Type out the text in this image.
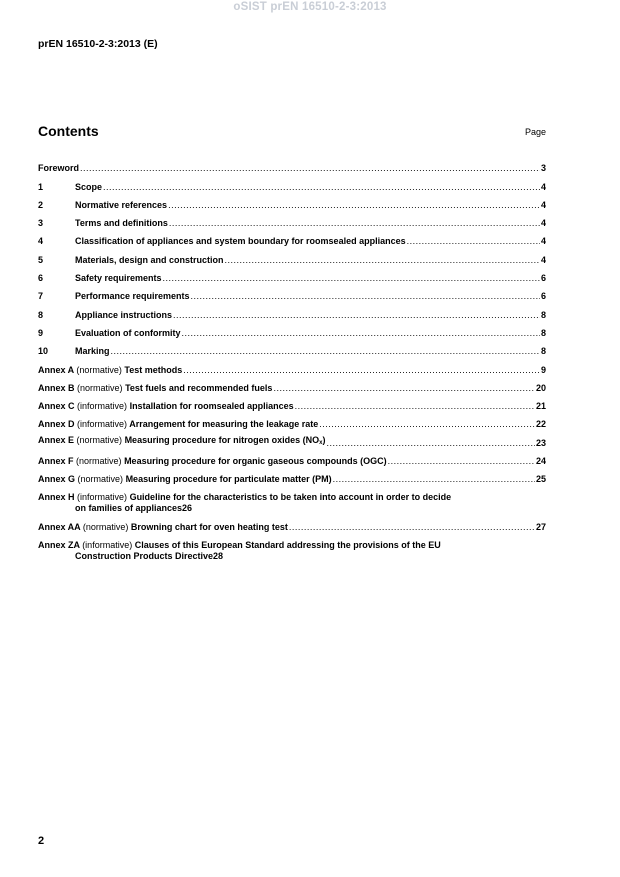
oSIST prEN 16510-2-3:2013
prEN 16510-2-3:2013 (E)
Contents	Page
Foreword .....	3
1	Scope .....	4
2	Normative references .....	4
3	Terms and definitions .....	4
4	Classification of appliances and system boundary for roomsealed appliances .....	4
5	Materials, design and construction .....	4
6	Safety requirements .....	6
7	Performance requirements .....	6
8	Appliance instructions .....	8
9	Evaluation of conformity .....	8
10	Marking .....	8
Annex A (normative) Test methods .....	9
Annex B (normative) Test fuels and recommended fuels .....	20
Annex C (informative) Installation for roomsealed appliances .....	21
Annex D (informative) Arrangement for measuring the leakage rate .....	22
Annex E (normative) Measuring procedure for nitrogen oxides (NOx) .....	23
Annex F (normative) Measuring procedure for organic gaseous compounds (OGC) .....	24
Annex G (normative) Measuring procedure for particulate matter (PM) .....	25
Annex H (informative) Guideline for the characteristics to be taken into account in order to decide
on families of appliances 26
Annex AA (normative) Browning chart for oven heating test .....	27
Annex ZA (informative) Clauses of this European Standard addressing the provisions of the EU
Construction Products Directive 28
2
